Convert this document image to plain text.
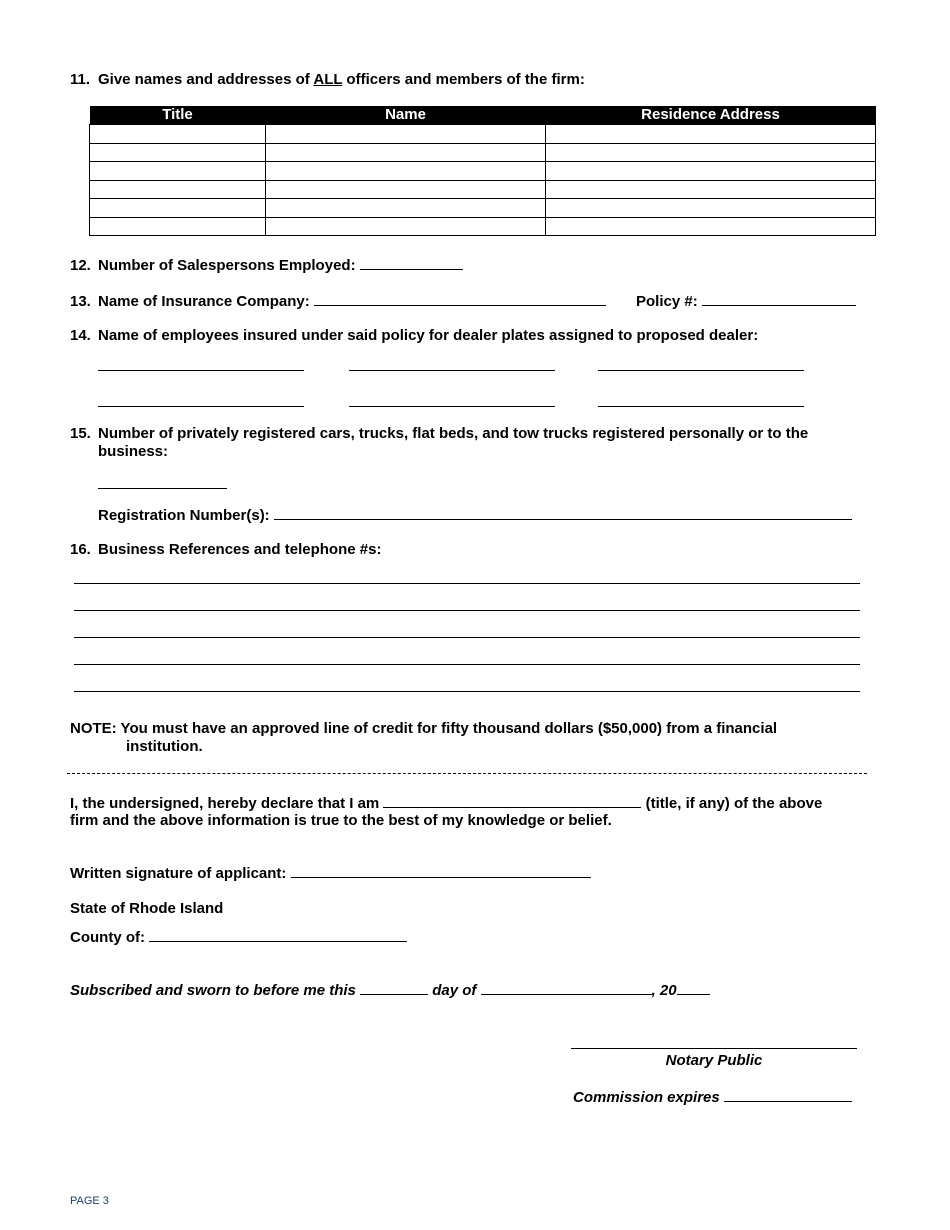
11. Give names and addresses of ALL officers and members of the firm:
Title	Name	Residence Address

12. Number of Salespersons Employed:
13. Name of Insurance Company:	Policy #:
14. Name of employees insured under said policy for dealer plates assigned to proposed dealer:
15. Number of privately registered cars, trucks, flat beds, and tow trucks registered personally or to the
business:
Registration Number(s):
16. Business References and telephone #s:
NOTE: You must have an approved line of credit for fifty thousand dollars ($50,000) from a financial
institution.
I, the undersigned, hereby declare that I am	(title, if any) of the above
firm and the above information is true to the best of my knowledge or belief.
Written signature of applicant:
State of Rhode Island
County of:
Subscribed and sworn to before me this	day of	, 20
Notary Public
Commission expires
PAGE 3
